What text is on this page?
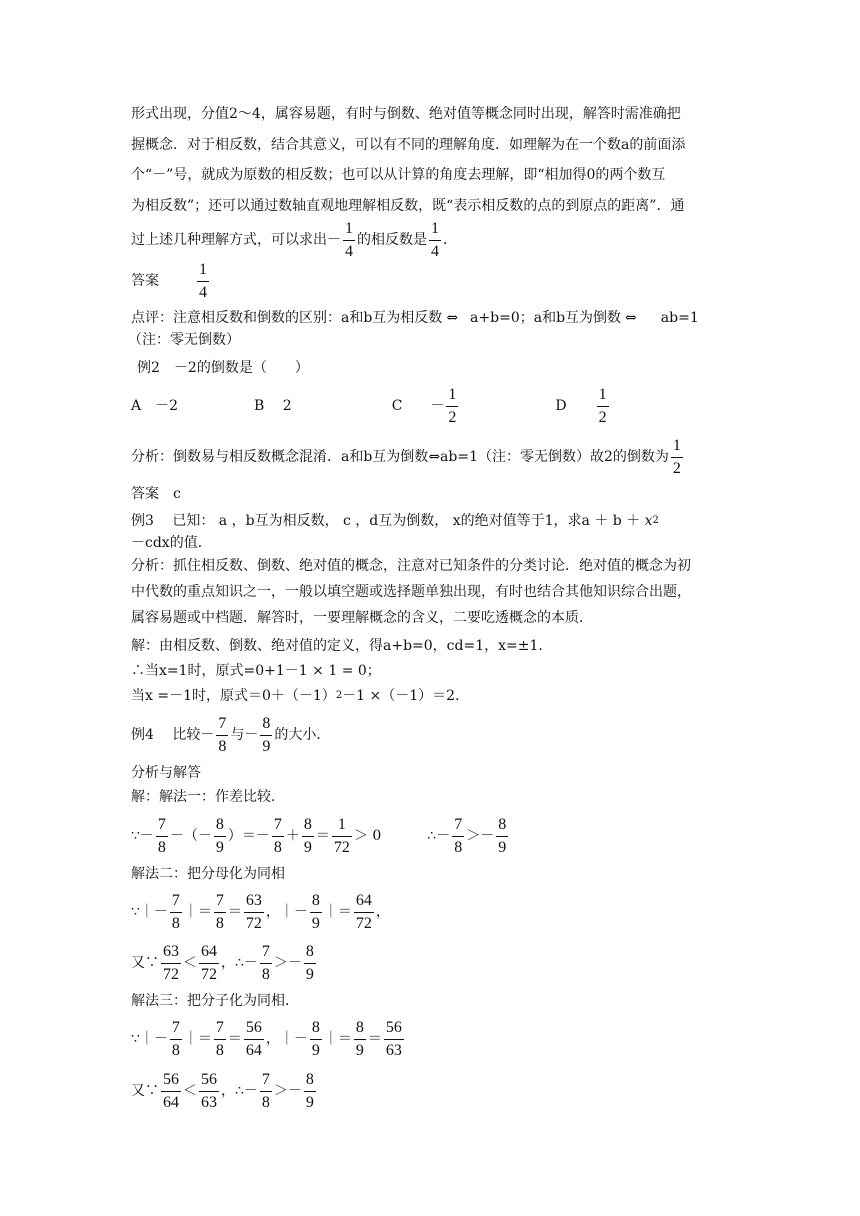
形式出现，分值2～4，属容易题，有时与倒数、绝对值等概念同时出现，解答时需准确把
握概念．对于相反数，结合其意义，可以有不同的理解角度．如理解为在一个数a的前面添
个“－”号，就成为原数的相反数；也可以从计算的角度去理解，即“相加得0的两个数互
为相反数”；还可以通过数轴直观地理解相反数，既“表示相反数的点的到原点的距离”．通
过上述几种理解方式，可以求出－ $\frac{1}{4}$ 的相反数是 $\frac{1}{4}$ ．
答案 $\frac{1}{4}$
点评：注意相反数和倒数的区别：a和b互为相反数 ⇔ a+b=0；a和b互为倒数 ⇔ ab=1
（注：零无倒数）
例2　－2的倒数是（　　）
A　－2	B　 2	$C - \frac{1}{2}$	D $\frac{1}{2}$
分析：倒数易与相反数概念混淆．a和b互为倒数 ⇔ ab=1（注：零无倒数）故2的倒数为 $\frac{1}{2}$
答案 c
例3　 已知： a ，b互为相反数， c ，d互为倒数， x的绝对值等于1，求a ＋ b ＋ x 2
－cdx的值．
分析：抓住相反数、倒数、绝对值的概念，注意对已知条件的分类讨论．绝对值的概念为初
中代数的重点知识之一，一般以填空题或选择题单独出现，有时也结合其他知识综合出题，
属容易题或中档题．解答时，一要理解概念的含义，二要吃透概念的本质．
解：由相反数、倒数、绝对值的定义，得a+b=0，cd=1，x=±1．
∴当x=1时，原式=0+1－1 × 1 = 0；
当x =－1时，原式＝0＋（－1） 2 －1 ×（－1）＝2．
例4　 比较－ $\frac{7}{8}$ 与－ $\frac{8}{9}$ 的大小．
分析与解答
解：解法一：作差比较．
∵－ $\frac{7}{8}$ －（－ $\frac{8}{9}$ ）＝－ $\frac{7}{8} + \frac{8}{9} = \frac{1}{72} > 0$	∴－ $\frac{7}{8} >- \frac{8}{9}$
解法二：把分母化为同相
∵｜－ $\frac{7}{8}$ ｜＝ $\frac{7}{8} = \frac{63}{72}$ ，｜－ $\frac{8}{9}$ ｜＝ $\frac{64}{72}$ ，
又∵ $\frac{63}{72} < \frac{64}{72}$ ， ∴－ $\frac{7}{8} >- \frac{8}{9}$
解法三：把分子化为同相．
∵｜－ $\frac{7}{8}$ ｜＝ $\frac{7}{8} = \frac{56}{64}$ ，｜－ $\frac{8}{9}$ ｜＝ $\frac{8}{9} = \frac{56}{63}$
又∵ $\frac{56}{64} < \frac{56}{63}$ ， ∴－ $\frac{7}{8} >- \frac{8}{9}$
